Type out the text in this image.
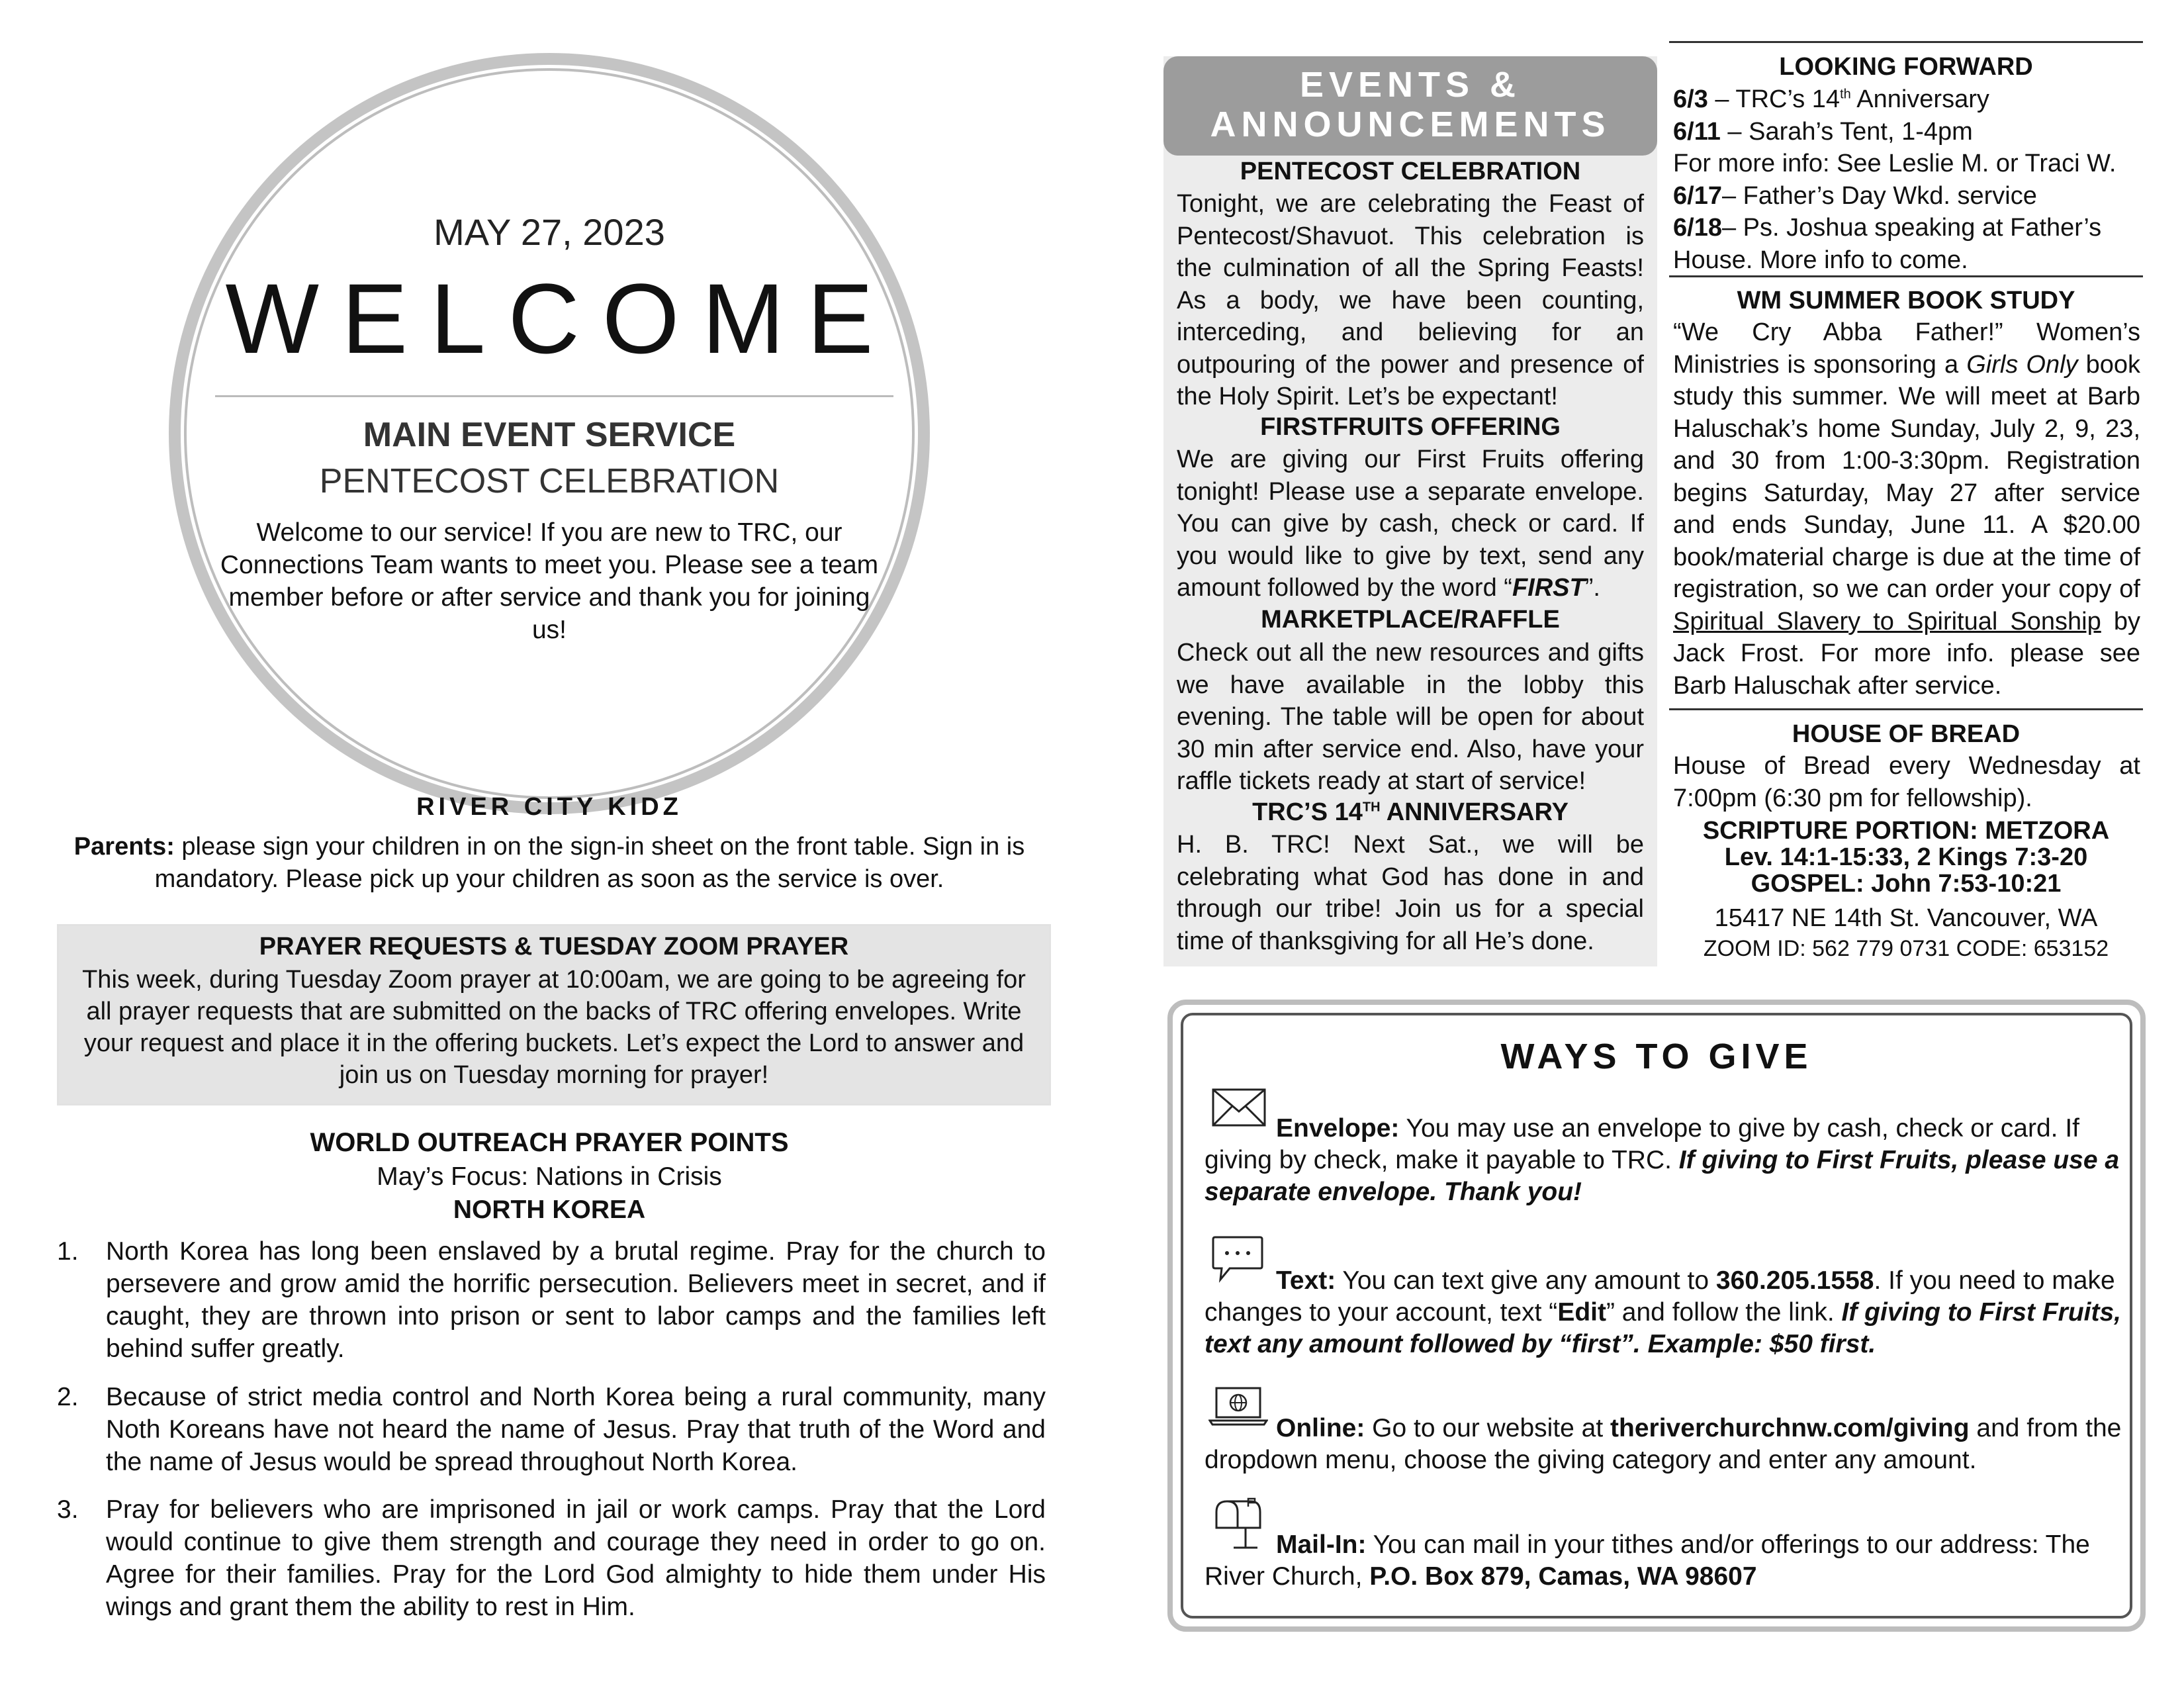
MAY 27, 2023
WELCOME
MAIN EVENT SERVICE
PENTECOST CELEBRATION
Welcome to our service! If you are new to TRC, our Connections Team wants to meet you. Please see a team member before or after service and thank you for joining us!
RIVER CITY KIDZ
Parents: please sign your children in on the sign-in sheet on the front table. Sign in is mandatory. Please pick up your children as soon as the service is over.
PRAYER REQUESTS & TUESDAY ZOOM PRAYER
This week, during Tuesday Zoom prayer at 10:00am, we are going to be agreeing for all prayer requests that are submitted on the backs of TRC offering envelopes. Write your request and place it in the offering buckets. Let’s expect the Lord to answer and join us on Tuesday morning for prayer!
WORLD OUTREACH PRAYER POINTS
May’s Focus: Nations in Crisis
NORTH KOREA
1.	North Korea has long been enslaved by a brutal regime. Pray for the church to persevere and grow amid the horrific persecution. Believers meet in secret, and if caught, they are thrown into prison or sent to labor camps and the families left behind suffer greatly.
2.	Because of strict media control and North Korea being a rural community, many Noth Koreans have not heard the name of Jesus. Pray that truth of the Word and the name of Jesus would be spread throughout North Korea.
3.	Pray for believers who are imprisoned in jail or work camps. Pray that the Lord would continue to give them strength and courage they need in order to go on. Agree for their families. Pray for the Lord God almighty to hide them under His wings and grant them the ability to rest in Him.
EVENTS &
ANNOUNCEMENTS
PENTECOST CELEBRATION
Tonight, we are celebrating the Feast of Pentecost/Shavuot. This celebration is the culmination of all the Spring Feasts! As a body, we have been counting, interceding, and believing for an outpouring of the power and presence of the Holy Spirit. Let’s be expectant!
FIRSTFRUITS OFFERING
We are giving our First Fruits offering tonight! Please use a separate envelope. You can give by cash, check or card. If you would like to give by text, send any amount followed by the word “FIRST”.
MARKETPLACE/RAFFLE
Check out all the new resources and gifts we have available in the lobby this evening. The table will be open for about 30 min after service end. Also, have your raffle tickets ready at start of service!
TRC’S 14TH ANNIVERSARY
H. B. TRC! Next Sat., we will be celebrating what God has done in and through our tribe! Join us for a special time of thanksgiving for all He’s done.
LOOKING FORWARD
6/3 – TRC’s 14th Anniversary
6/11 – Sarah’s Tent, 1-4pm
For more info: See Leslie M. or Traci W.
6/17– Father’s Day Wkd. service
6/18– Ps. Joshua speaking at Father’s House. More info to come.
WM SUMMER BOOK STUDY
“We Cry Abba Father!” Women’s Ministries is sponsoring a Girls Only book study this summer. We will meet at Barb Haluschak’s home Sunday, July 2, 9, 23, and 30 from 1:00-3:30pm. Registration begins Saturday, May 27 after service and ends Sunday, June 11. A $20.00 book/material charge is due at the time of registration, so we can order your copy of Spiritual Slavery to Spiritual Sonship by Jack Frost. For more info. please see Barb Haluschak after service.
HOUSE OF BREAD
House of Bread every Wednesday at 7:00pm (6:30 pm for fellowship).
SCRIPTURE PORTION: METZORA
Lev. 14:1-15:33, 2 Kings 7:3-20
GOSPEL: John 7:53-10:21
15417 NE 14th St. Vancouver, WA
ZOOM ID: 562 779 0731 CODE: 653152
WAYS TO GIVE
Envelope: You may use an envelope to give by cash, check or card. If giving by check, make it payable to TRC. If giving to First Fruits, please use a separate envelope. Thank you!
Text: You can text give any amount to 360.205.1558. If you need to make changes to your account, text “Edit” and follow the link. If giving to First Fruits, text any amount followed by “first”. Example: $50 first.
Online: Go to our website at theriverchurchnw.com/giving and from the dropdown menu, choose the giving category and enter any amount.
Mail-In: You can mail in your tithes and/or offerings to our address: The River Church, P.O. Box 879, Camas, WA 98607
